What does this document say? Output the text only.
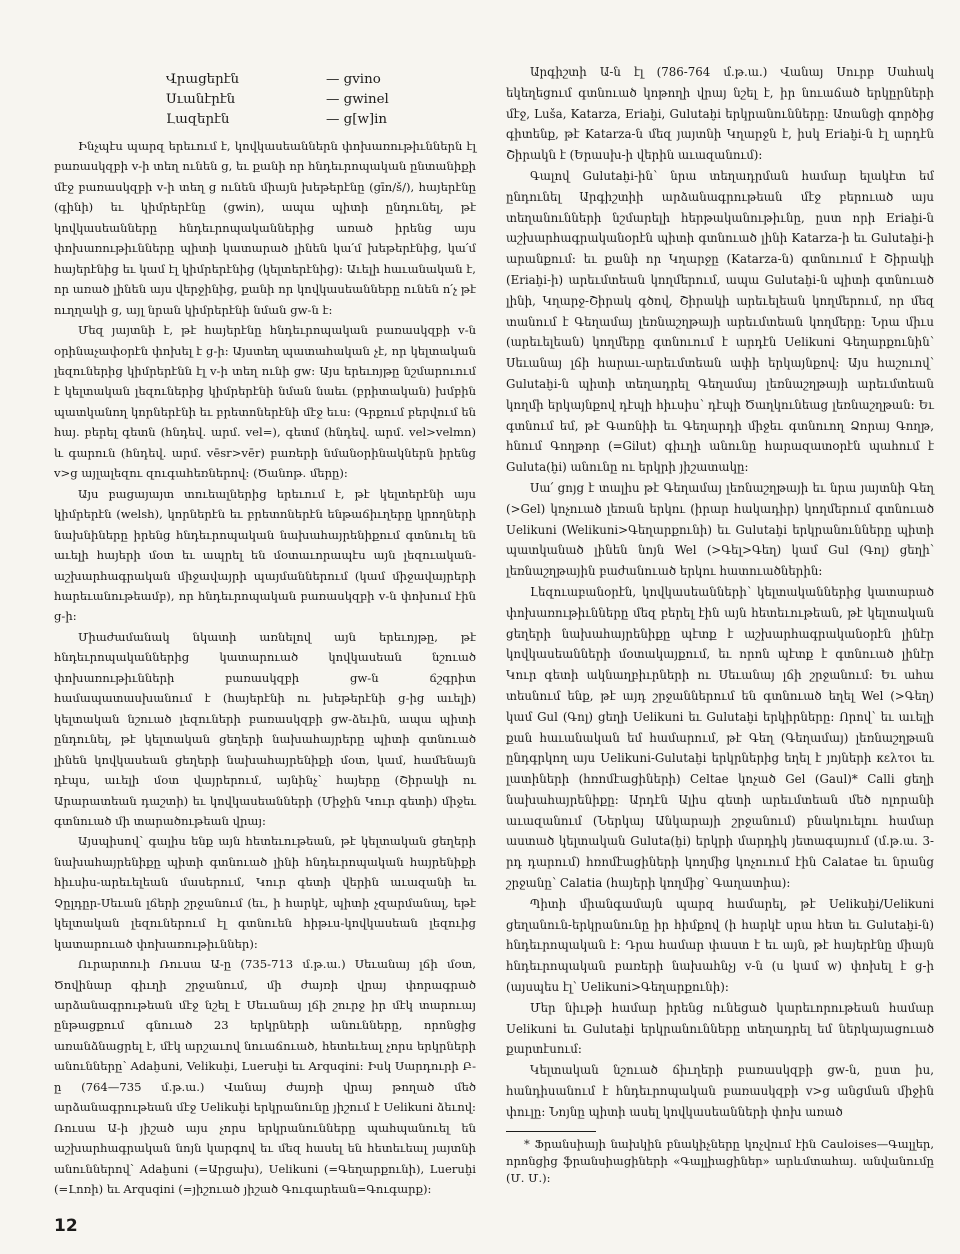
Վրացերէն	— gvino
Սւանէրէն	— gwinel
Լազերէն	— g[w]in

Ինչպէս պարզ երեւում է, կովկասեաններն փոխառութիւններն էլ բառասկզբի v-ի տեղ ունեն g, եւ քանի որ հնդեւրոպական ընտանիքի մէջ բառասկզբի v-ի տեղ g ունեն միայն խեթերէնը (gīn/š/), հայերէնը (գինի) եւ կիմրերէնը (gwin), ապա պիտի ընդունել, թէ կովկասեանները հնդեւրոպականներից առած իրենց այս փոխառութիւնները պիտի կատարած լինեն կա՛մ խեթերէնից, կա՛մ հայերէնից եւ կամ էլ կիմրերէնից (կելտերէնից)։ Աւելի հաւանական է, որ առած լինեն այս վերջինից, քանի որ կովկասեանները ունեն ո՛չ թէ ուղղակի g, այլ նրան կիմրերէնի նման gw-ն է։

Մեզ յայտնի է, թէ հայերէնը հնդեւրոպական բառասկզբի v-ն օրինաչափօրէն փոխել է g-ի։ Այստեղ պատահական չէ, որ կելտական լեզուներից կիմրերէնն էլ v-ի տեղ ունի gw։ Այս երեւոյթը նշմարուում է կելտական լեզուներից կիմրերէնի նման նաեւ (բրիտական) խմբին պատկանող կորներէնի եւ բրետոներէնի մէջ եւս։ (Գրքում բերվում են հայ. բերել գետն (հնդեվ. արմ. vel=), գետմ (հնդեվ. արմ. vel>velmn) և գարուն (հնդեվ. արմ. vēsr>vēr) բառերի նմանօրինակներն իրենց v>g այլալեզու զուգահեռներով։ (Ծանոթ. մերը)։

Այս բացայայտ տուեալներից երեւում է, թէ կելտերէնի այս կիմրերէն (welsh), կորներէն եւ բրետոներէն ենթաճիւղերը կրողների նախնիները իրենց հնդեւրոպական նախահայրենիքում գտնուել են աւելի հայերի մօտ եւ ապրել են մօտաւորապէս այն լեզուական-աշխարհագրական միջավայրի պայմաններում (կամ միջավայրերի հարեւանութեամբ), որ հնդեւրոպական բառասկզբի v-ն փոխում էին g-ի։

Միաժամանակ նկատի առնելով այն երեւոյթը, թէ հնդեւրոպականներից կատարուած կովկասեան նշուած փոխառութիւնների բառասկզբի gw-ն ճշգրիտ համապատասխանում է (հայերէնի ու խեթերէնի g-ից աւելի) կելտական նշուած լեզուների բառասկզբի gw-ձեւին, ապա պիտի ընդունել, թէ կելտական ցեղերի նախահայրերը պիտի գտնուած լինեն կովկասեան ցեղերի նախահայրենիքի մօտ, կամ, համենայն դէպս, աւելի մօտ վայրերում, այնինչ՝ հայերը (Շիրակի ու Արարատեան դաշտի) եւ կովկասեանների (Միջին Կուր գետի) միջեւ գտնուած մի տարածութեան վրայ։

Այսպիսով՝ գալիս ենք այն հետեւութեան, թէ կելտական ցեղերի նախահայրենիքը պիտի գտնուած լինի հնդեւրոպական հայրենիքի հիւսիս-արեւելեան մասերում, Կուր գետի վերին աւազանի եւ Չըլդըր-Սեւան լճերի շրջանում (եւ, ի հարկէ, պիտի չզարմանալ, եթէ կելտական լեզուներում էլ գտնուեն հիթւս-կովկասեան լեզուից կատարուած փոխառութիւններ)։

Ուրարտուի Ռուսա Ա-ը (735-713 մ.թ.ա.) Սեւանայ լճի մօտ, Ծովինար գիւղի շրջանում, մի ժայռի վրայ փորագրած արձանագրութեան մէջ նշել է Սեւանայ լճի շուրջ իր մէկ տարուայ ընթացքում գնուած 23 երկրների անունները, որոնցից առանձնացրել է, մէկ արշաւով նուաճուած, հետեւեալ չորս երկրների անունները՝ Adaḫuni, Velikuḫi, Lueruḫi եւ Arquqini։ Իսկ Սարդուրի Բ-ը (764—735 մ.թ.ա.) Վանայ ժայռի վրայ թողած մեծ արձանագրութեան մէջ Uelikuḫi երկրանունը յիշում է Uelikuni ձեւով։ Ռուսա Ա-ի յիշած այս չորս երկրանունները պահպանուել են աշխարհագրական նոյն կարգով եւ մեզ հասել են հետեւեալ յայտնի անուններով՝ Adaḫuni (=Արցախ), Uelikuni (=Գեղարքունի), Lueruḫi (=Լոռի) եւ Arquqini (=յիշուած յիշած Գուգարեան=Գուգարք)։

Արգիշտի Ա-ն էլ (786-764 մ.թ.ա.) Վանայ Սուրբ Սահակ եկեղեցում գտնուած կոթողի վրայ նշել է, իր նուաճած երկըրների մէջ, Luša, Katarza, Eriaḫi, Gulutaḫi երկրանունները։ Առանցի գործից գիտենք, թէ Katarza-ն մեզ յայտնի Կղարջն է, իսկ Eriaḫi-ն էլ արդէն Շիրակն է (Երասխ-ի վերին աւազանում)։

Գալով Gulutaḫi-ին՝ նրա տեղադրման համար ելակէտ եմ ընդունել Արգիշտիի արձանագրութեան մէջ բերուած այս տեղանունների նշմարելի հերթականութիւնը, ըստ որի Eriaḫi-ն աշխարհագրականօրէն պիտի գտնուած լինի Katarza-ի եւ Gulutaḫi-ի արանքում։ եւ քանի որ Կղարջը (Katarza-ն) գտնուում է Շիրակի (Eriaḫi-ի) արեւմտեան կողմերում, ապա Gulutaḫi-ն պիտի գտնուած լինի, Կղարջ-Շիրակ գծով, Շիրակի արեւելեան կողմերում, որ մեզ տանում է Գեղամայ լեռնաշղթայի արեւմտեան կողմերը։ Նրա միւս (արեւելեան) կողմերը գտնուում է արդէն Uelikuni Գեղարքունին՝ Սեւանայ լճի հարաւ-արեւմտեան ափի երկայնքով։ Այս հաշուով՝ Gulutaḫi-ն պիտի տեղադրել Գեղամայ լեռնաշղթայի արեւմտեան կողմի երկայնքով դէպի հիւսիս՝ դէպի Ծաղկունեաց լեռնաշղթան։ Եւ գտնում եմ, թէ Գառնիի եւ Գեղարդի միջեւ գտնուող Ձորայ Գողթ, հնում Գողթոր (=Gilut) գիւղի անունը հարազատօրէն պահում է Guluta(ḫi) անունը ու երկրի յիշատակը։

Սա՛ ցոյց է տալիս թէ Գեղամայ լեռնաշղթայի եւ նրա յայտնի Գեղ (>Gel) կոչուած լեռան երկու (իրար հակադիր) կողմերում գտնուած Uelikuni (Welikuni>Գեղարքունի) եւ Gulutaḫi երկրանունները պիտի պատկանած լինեն նոյն Wel (>Գել>Գեղ) կամ Gul (Գոլ) ցեղի՝ լեռնաշղթային բաժանուած երկու հատուածներին։

Լեզուաբանօրէն, կովկասեանների՝ կելտականներից կատարած փոխառութիւնները մեզ բերել էին այն հետեւութեան, թէ կելտական ցեղերի նախահայրենիքը պէտք է աշխարհագրականօրէն լինէր կովկասեանների մօտակայքում, եւ որոն պէտք է գտնուած լինէր Կուր գետի ակնաղբիւրների ու Սեւանայ լճի շրջանում։ Եւ ահա տեսնում ենք, թէ այդ շրջաններում են գտնուած եղել Wel (>Գեղ) կամ Gul (Գոլ) ցեղի Uelikuni եւ Gulutaḫi երկիրները։ Որով՝ եւ աւելի քան հաւանական եմ համարում, թէ Գեղ (Գեղամայ) լեռնաշղթան ընդգրկող այս Uelikuni-Gulutaḫi երկրներից եղել է յոյների κελτοι եւ լատիների (հռոմէացիների) Celtae կոչած Gel (Gaul)* Calli ցեղի նախահայրենիքը։ Արդէն Ալիս գետի արեւմտեան մեծ ոլորանի աւազանում (Ներկայ Անկարայի շրջանում) բնակուելու համար աստած կելտական Guluta(ḫi) երկրի մարդիկ յետագայում (մ.թ.ա. 3-րդ դարում) հռոմէացիների կողմից կոչուում էին Calatae եւ նրանց շրջանը՝ Calatia (հայերի կողմից՝ Գաղատիա)։

Պիտի միանգամայն պարզ համարել, թէ Uelikuḫi/Uelikuni ցեղանուն-երկրանունը իր հիմքով (ի հարկէ սրա հետ եւ Gulutaḫi-ն) հնդեւրոպական է։ Դրա համար փաստ է եւ այն, թէ հայերէնը միայն հնդեւրոպական բառերի նախահնչյ v-ն (u կամ w) փոխել է g-ի (այսպես էլ՝ Uelikuni>Գեղարքունի)։

Մեր նիւթի համար իրենց ունեցած կարեւորութեան համար Uelikuni եւ Gulutaḫi երկրանունները տեղադրել եմ ներկայացուած քարտէսում։

Կելտական նշուած ճիւղերի բառասկզբի gw-ն, ըստ իս, հանդիսանում է հնդեւրոպական բառասկզբի v>g անցման միջին փուլը։ Նոյնը պիտի ասել կովկասեանների փոխ առած

* Ֆրանսիայի նախկին բնակիչները կոչվում էին Cauloises—Գալլեր, որոնցից ֆրանսիացիների «Գալլիացիներ» արևմտահայ. անվանումը (Մ. Մ.)։

12
